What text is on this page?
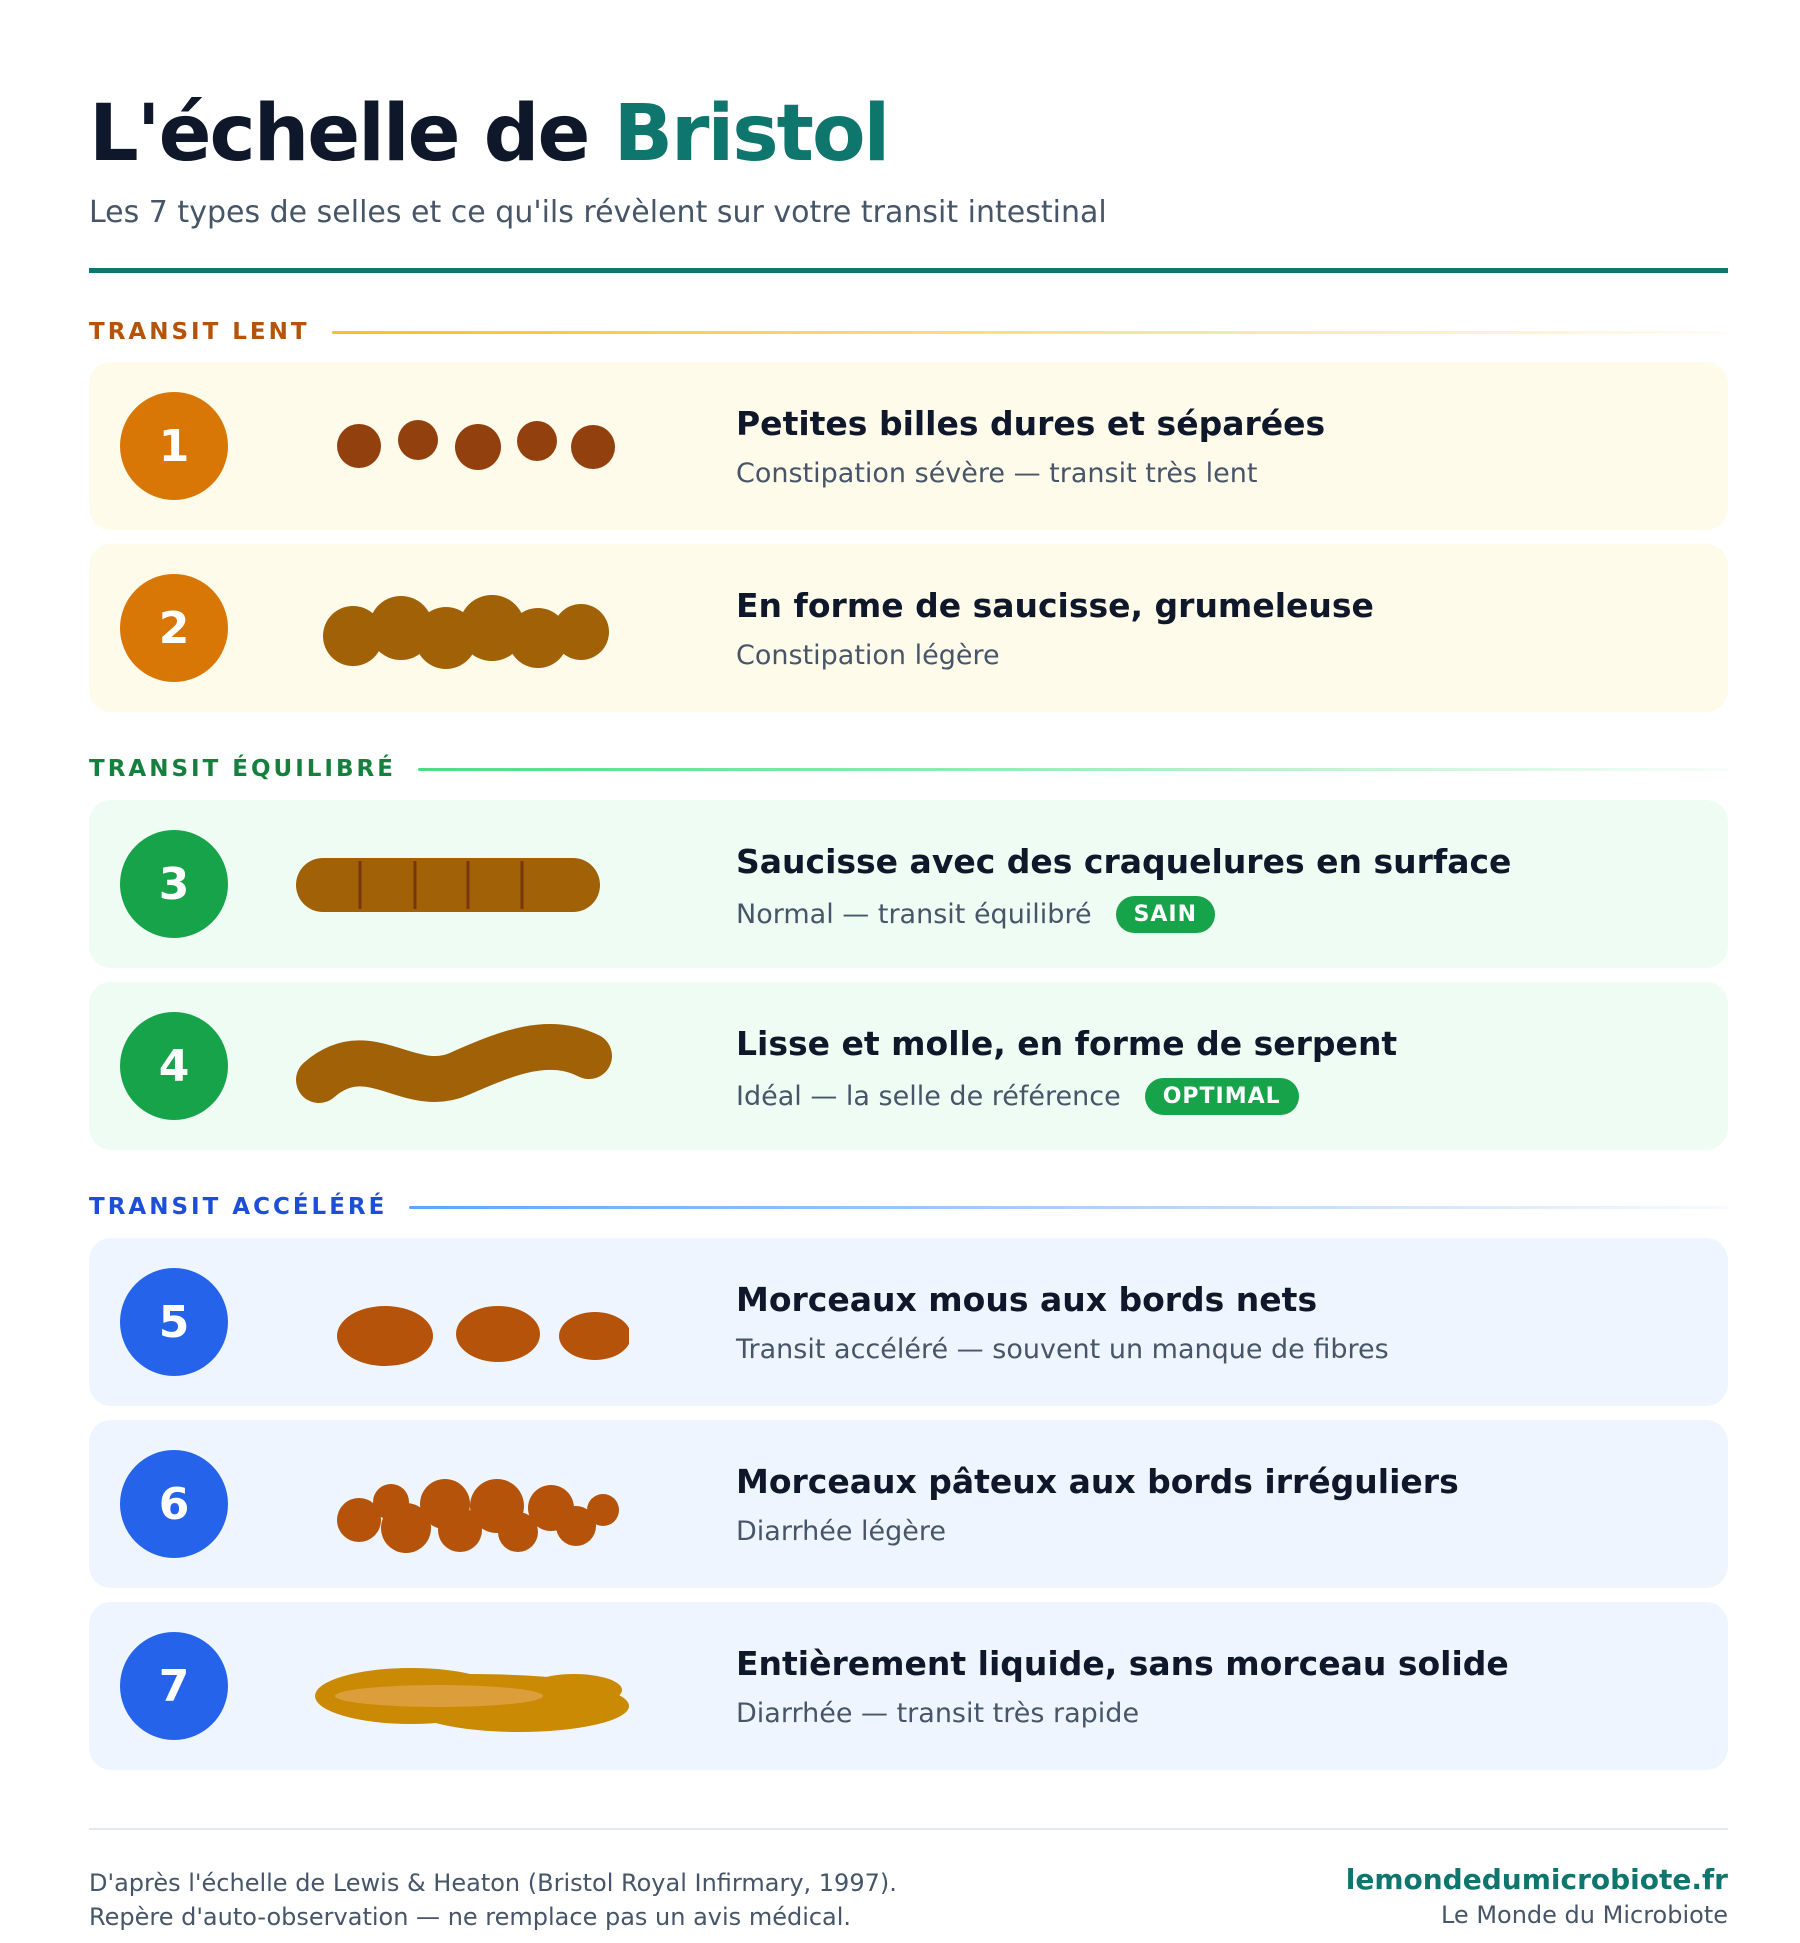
L'échelle de Bristol
Les 7 types de selles et ce qu'ils révèlent sur votre transit intestinal
TRANSIT LENT
1	Petites billes dures et séparées
Constipation sévère — transit très lent
2	En forme de saucisse, grumeleuse
Constipation légère
TRANSIT ÉQUILIBRÉ
3	Saucisse avec des craquelures en surface
Normal — transit équilibré	SAIN
4	Lisse et molle, en forme de serpent
Idéal — la selle de référence	OPTIMAL
TRANSIT ACCÉLÉRÉ
5	Morceaux mous aux bords nets
Transit accéléré — souvent un manque de fibres
6	Morceaux pâteux aux bords irréguliers
Diarrhée légère
7	Entièrement liquide, sans morceau solide
Diarrhée — transit très rapide
D'après l'échelle de Lewis & Heaton (Bristol Royal Infirmary, 1997).
Repère d'auto-observation — ne remplace pas un avis médical.
lemondedumicrobiote.fr
Le Monde du Microbiote
